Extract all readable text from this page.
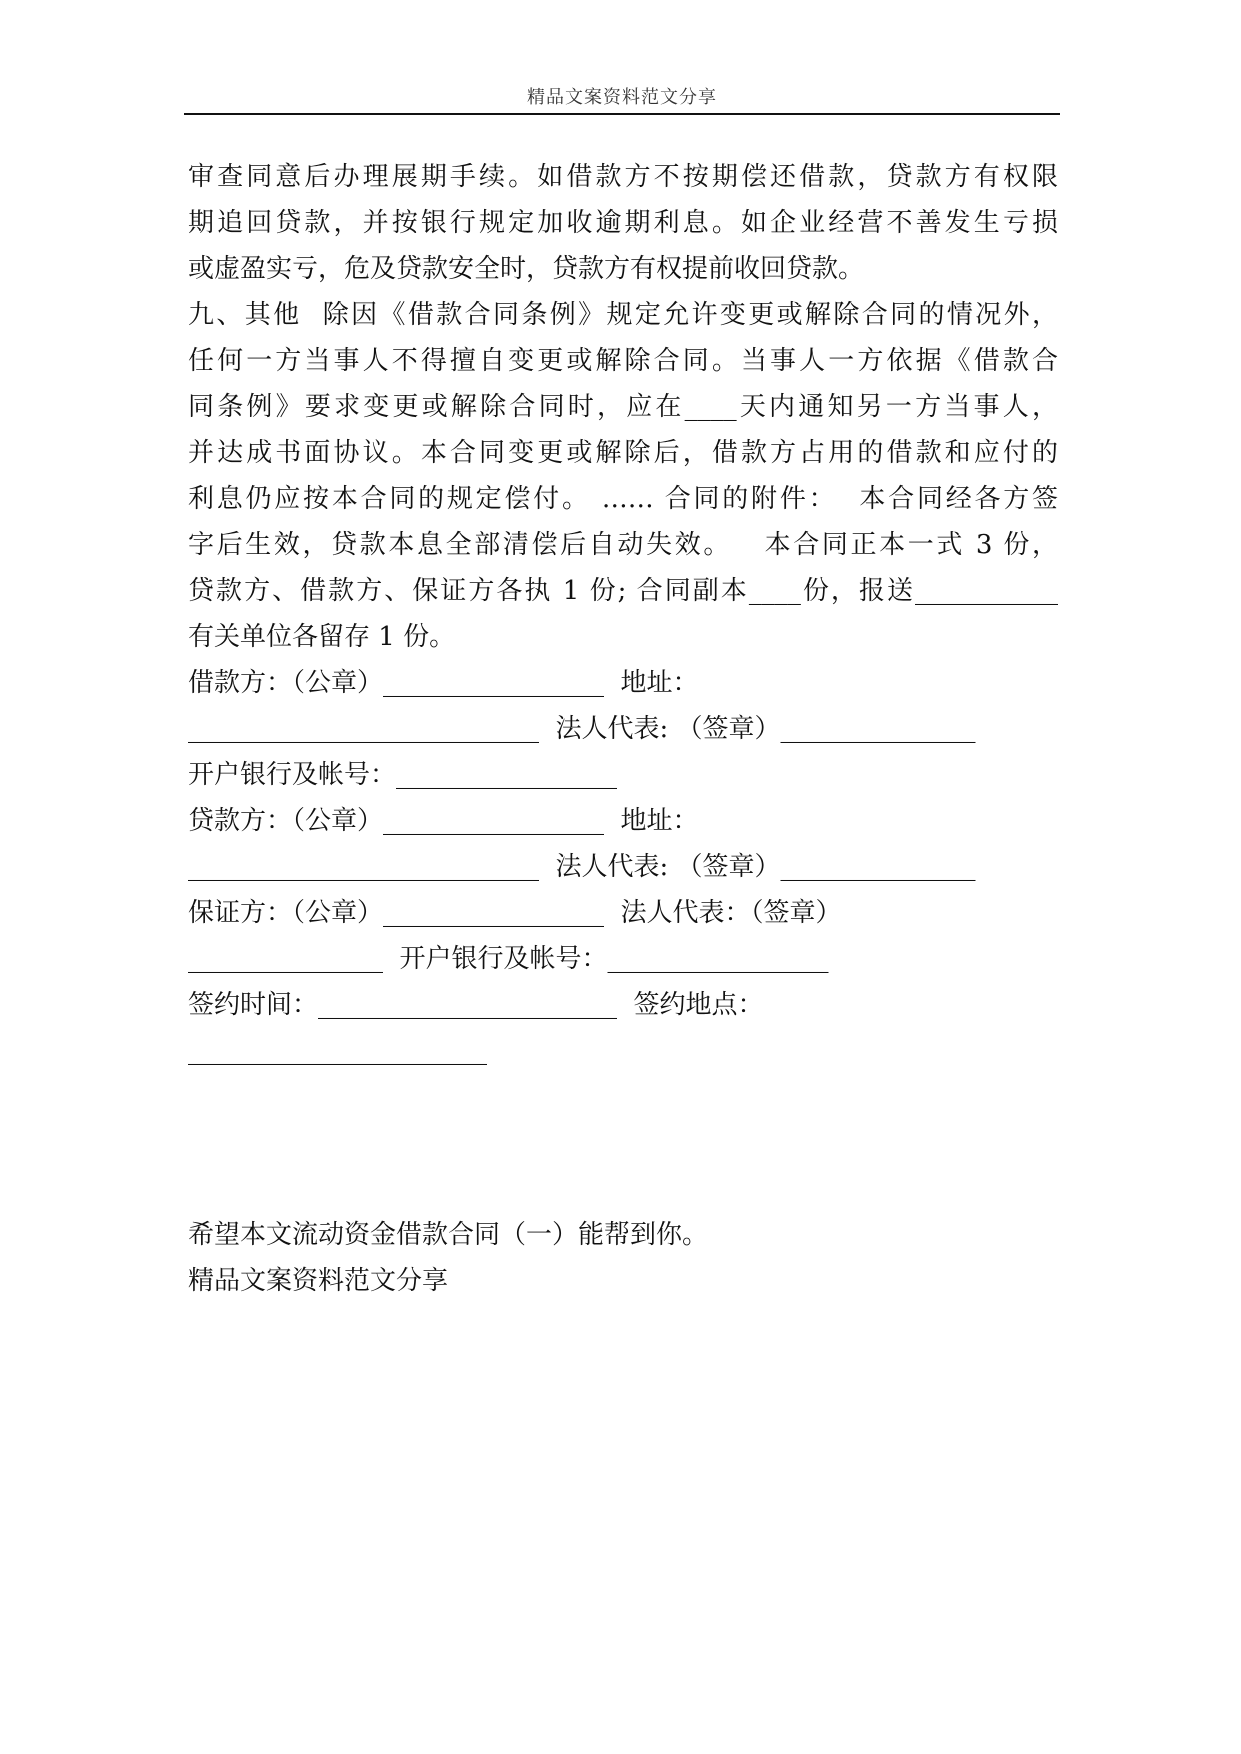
精品文案资料范文分享
审查同意后办理展期手续。如借款方不按期偿还借款，贷款方有权限
期追回贷款，并按银行规定加收逾期利息。如企业经营不善发生亏损
或虚盈实亏，危及贷款安全时，贷款方有权提前收回贷款。
九、其他  除因《借款合同条例》规定允许变更或解除合同的情况外，
任何一方当事人不得擅自变更或解除合同。当事人一方依据《借款合
同条例》要求变更或解除合同时，应在____天内通知另一方当事人，
并达成书面协议。本合同变更或解除后，借款方占用的借款和应付的
利息仍应按本合同的规定偿付。 …… 合同的附件：  本合同经各方签
字后生效，贷款本息全部清偿后自动失效。   本合同正本一式 3 份，
贷款方、借款方、保证方各执 1 份; 合同副本____份，报送___________
有关单位各留存 1 份。
借款方：（公章）_________________  地址：
___________________________  法人代表: （签章）_______________
开户银行及帐号：_________________
贷款方：（公章）_________________  地址：
___________________________  法人代表: （签章）_______________
保证方：（公章）_________________  法人代表：（签章）
_______________  开户银行及帐号：_________________
签约时间：_______________________  签约地点：
_______________________
希望本文流动资金借款合同（一）能帮到你。
精品文案资料范文分享
